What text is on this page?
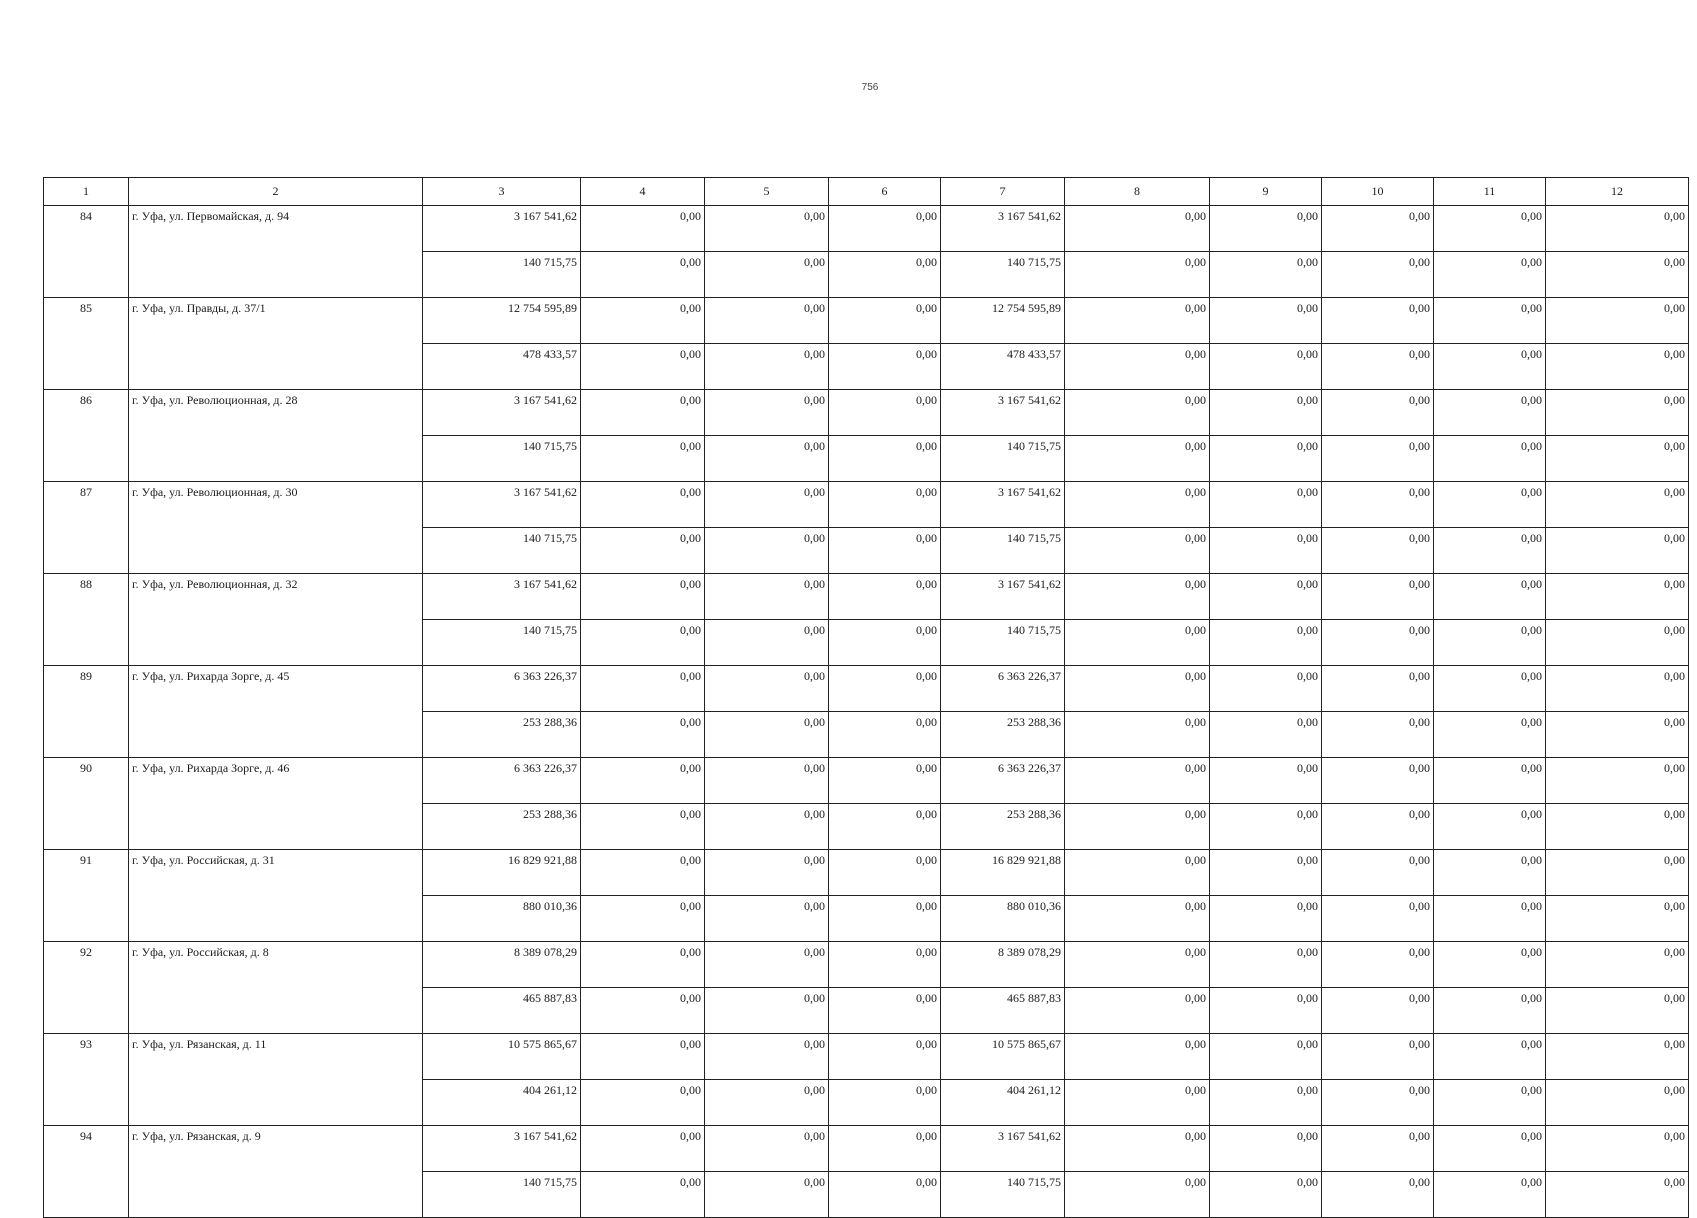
756
1	2	3	4	5	6	7	8	9	10	11	12
84	г. Уфа, ул. Первомайская, д. 94	3 167 541,62	0,00	0,00	0,00	3 167 541,62	0,00	0,00	0,00	0,00	0,00
		140 715,75	0,00	0,00	0,00	140 715,75	0,00	0,00	0,00	0,00	0,00
85	г. Уфа, ул. Правды, д. 37/1	12 754 595,89	0,00	0,00	0,00	12 754 595,89	0,00	0,00	0,00	0,00	0,00
		478 433,57	0,00	0,00	0,00	478 433,57	0,00	0,00	0,00	0,00	0,00
86	г. Уфа, ул. Революционная, д. 28	3 167 541,62	0,00	0,00	0,00	3 167 541,62	0,00	0,00	0,00	0,00	0,00
		140 715,75	0,00	0,00	0,00	140 715,75	0,00	0,00	0,00	0,00	0,00
87	г. Уфа, ул. Революционная, д. 30	3 167 541,62	0,00	0,00	0,00	3 167 541,62	0,00	0,00	0,00	0,00	0,00
		140 715,75	0,00	0,00	0,00	140 715,75	0,00	0,00	0,00	0,00	0,00
88	г. Уфа, ул. Революционная, д. 32	3 167 541,62	0,00	0,00	0,00	3 167 541,62	0,00	0,00	0,00	0,00	0,00
		140 715,75	0,00	0,00	0,00	140 715,75	0,00	0,00	0,00	0,00	0,00
89	г. Уфа, ул. Рихарда Зорге, д. 45	6 363 226,37	0,00	0,00	0,00	6 363 226,37	0,00	0,00	0,00	0,00	0,00
		253 288,36	0,00	0,00	0,00	253 288,36	0,00	0,00	0,00	0,00	0,00
90	г. Уфа, ул. Рихарда Зорге, д. 46	6 363 226,37	0,00	0,00	0,00	6 363 226,37	0,00	0,00	0,00	0,00	0,00
		253 288,36	0,00	0,00	0,00	253 288,36	0,00	0,00	0,00	0,00	0,00
91	г. Уфа, ул. Российская, д. 31	16 829 921,88	0,00	0,00	0,00	16 829 921,88	0,00	0,00	0,00	0,00	0,00
		880 010,36	0,00	0,00	0,00	880 010,36	0,00	0,00	0,00	0,00	0,00
92	г. Уфа, ул. Российская, д. 8	8 389 078,29	0,00	0,00	0,00	8 389 078,29	0,00	0,00	0,00	0,00	0,00
		465 887,83	0,00	0,00	0,00	465 887,83	0,00	0,00	0,00	0,00	0,00
93	г. Уфа, ул. Рязанская, д. 11	10 575 865,67	0,00	0,00	0,00	10 575 865,67	0,00	0,00	0,00	0,00	0,00
		404 261,12	0,00	0,00	0,00	404 261,12	0,00	0,00	0,00	0,00	0,00
94	г. Уфа, ул. Рязанская, д. 9	3 167 541,62	0,00	0,00	0,00	3 167 541,62	0,00	0,00	0,00	0,00	0,00
		140 715,75	0,00	0,00	0,00	140 715,75	0,00	0,00	0,00	0,00	0,00
